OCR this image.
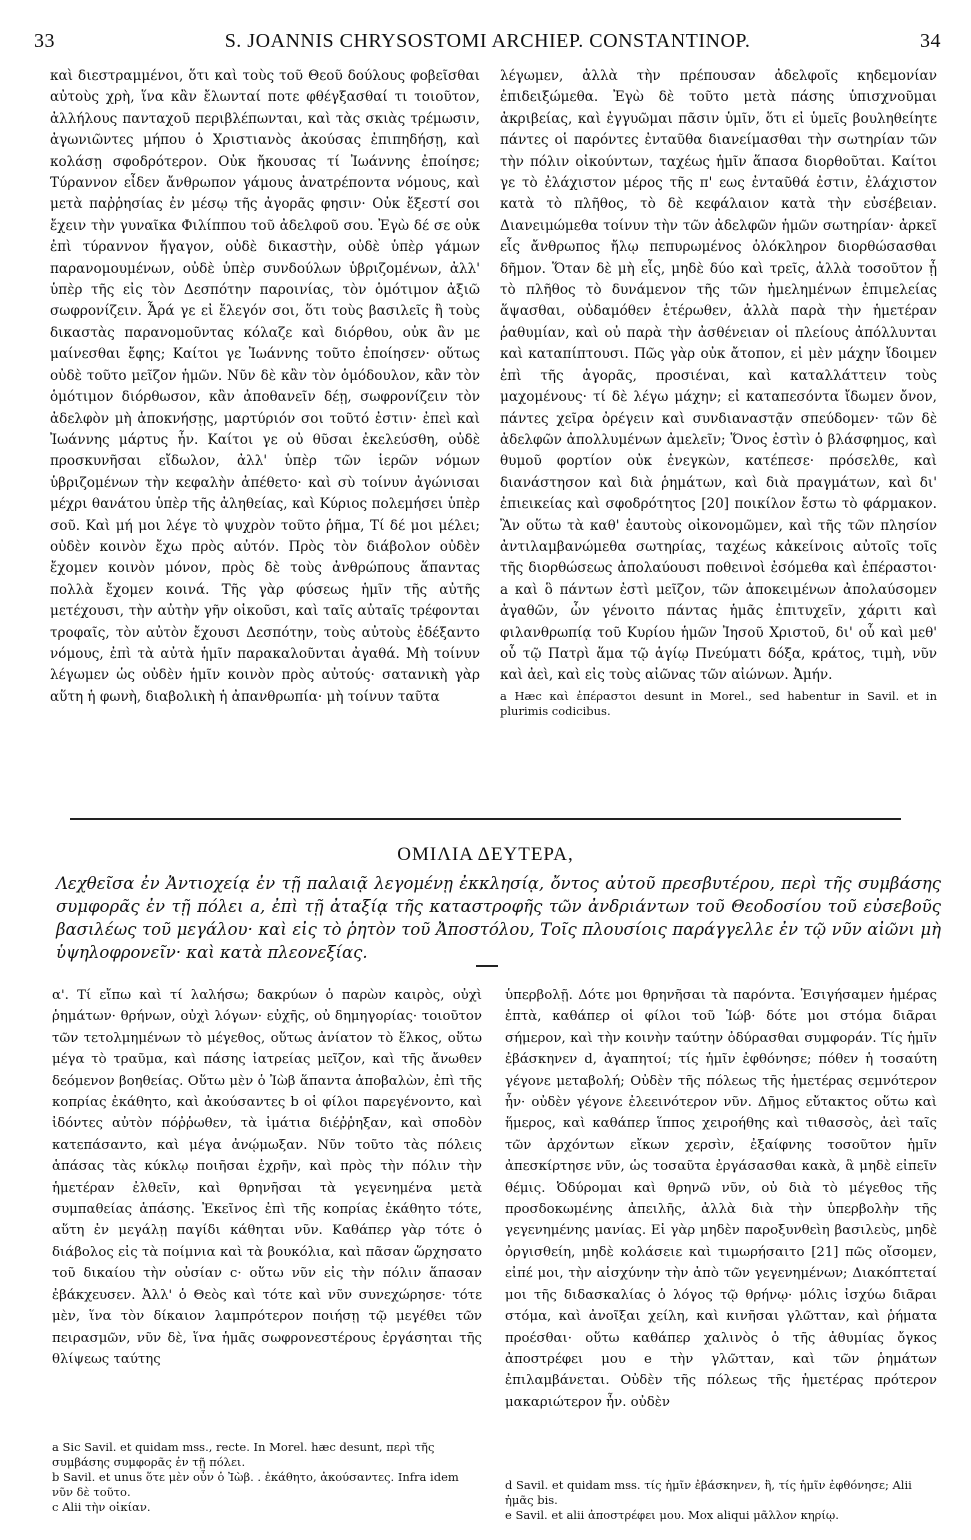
33	S. JOANNIS CHRYSOSTOMI ARCHIEP. CONSTANTINOP.	34

καὶ διεστραμμένοι, ὅτι καὶ τοὺς τοῦ Θεοῦ δούλους φοβεῖσθαι αὐτοὺς χρὴ, ἵνα κἂν ἔλωνταί ποτε φθέγξασθαί τι τοιοῦτον, ἀλλήλους πανταχοῦ περιβλέπωνται, καὶ τὰς σκιὰς τρέμωσιν, ἀγωνιῶντες μήπου ὁ Χριστιανὸς ἀκούσας ἐπιπηδήσῃ, καὶ κολάσῃ σφοδρότερον. Οὐκ ἤκουσας τί Ἰωάννης ἐποίησε; Τύραννον εἶδεν ἄνθρωπον γάμους ἀνατρέποντα νόμους, καὶ μετὰ παῤῥησίας ἐν μέσῳ τῆς ἀγορᾶς φησιν· Οὐκ ἔξεστί σοι ἔχειν τὴν γυναῖκα Φιλίππου τοῦ ἀδελφοῦ σου. Ἐγὼ δέ σε οὐκ ἐπὶ τύραννον ἤγαγον, οὐδὲ δικαστὴν, οὐδὲ ὑπὲρ γάμων παρανομουμένων, οὐδὲ ὑπὲρ συνδούλων ὑβριζομένων, ἀλλ' ὑπὲρ τῆς εἰς τὸν Δεσπότην παροινίας, τὸν ὁμότιμον ἀξιῶ σωφρονίζειν. Ἆρά γε εἰ ἔλεγόν σοι, ὅτι τοὺς βασιλεῖς ἢ τοὺς δικαστὰς παρανομοῦντας κόλαζε καὶ διόρθου, οὐκ ἂν με μαίνεσθαι ἔφης; Καίτοι γε Ἰωάννης τοῦτο ἐποίησεν· οὕτως οὐδὲ τοῦτο μεῖζον ἡμῶν. Νῦν δὲ κἂν τὸν ὁμόδουλον, κἂν τὸν ὁμότιμον διόρθωσον, κἂν ἀποθανεῖν δέῃ, σωφρονίζειν τὸν ἀδελφὸν μὴ ἀποκνήσῃς, μαρτύριόν σοι τοῦτό ἐστιν· ἐπεὶ καὶ Ἰωάννης μάρτυς ἦν. Καίτοι γε οὐ θῦσαι ἐκελεύσθη, οὐδὲ προσκυνῆσαι εἴδωλον, ἀλλ' ὑπὲρ τῶν ἱερῶν νόμων ὑβριζομένων τὴν κεφαλὴν ἀπέθετο· καὶ σὺ τοίνυν ἀγώνισαι μέχρι θανάτου ὑπὲρ τῆς ἀληθείας, καὶ Κύριος πολεμήσει ὑπὲρ σοῦ. Καὶ μή μοι λέγε τὸ ψυχρὸν τοῦτο ῥῆμα, Τί δέ μοι μέλει; οὐδὲν κοινὸν ἔχω πρὸς αὐτόν. Πρὸς τὸν διάβολον οὐδὲν ἔχομεν κοινὸν μόνον, πρὸς δὲ τοὺς ἀνθρώπους ἅπαντας πολλὰ ἔχομεν κοινά. Τῆς γὰρ φύσεως ἡμῖν τῆς αὐτῆς μετέχουσι, τὴν αὐτὴν γῆν οἰκοῦσι, καὶ ταῖς αὐταῖς τρέφονται τροφαῖς, τὸν αὐτὸν ἔχουσι Δεσπότην, τοὺς αὐτοὺς ἐδέξαντο νόμους, ἐπὶ τὰ αὐτὰ ἡμῖν παρακαλοῦνται ἀγαθά. Μὴ τοίνυν λέγωμεν ὡς οὐδὲν ἡμῖν κοινὸν πρὸς αὐτούς· σατανικὴ γὰρ αὕτη ἡ φωνὴ, διαβολικὴ ἡ ἀπανθρωπία· μὴ τοίνυν ταῦτα

λέγωμεν, ἀλλὰ τὴν πρέπουσαν ἀδελφοῖς κηδεμονίαν ἐπιδειξώμεθα. Ἐγὼ δὲ τοῦτο μετὰ πάσης ὑπισχνοῦμαι ἀκριβείας, καὶ ἐγγυῶμαι πᾶσιν ὑμῖν, ὅτι εἰ ὑμεῖς βουληθείητε πάντες οἱ παρόντες ἐνταῦθα διανείμασθαι τὴν σωτηρίαν τῶν τὴν πόλιν οἰκούντων, ταχέως ἡμῖν ἅπασα διορθοῦται. Καίτοι γε τὸ ἐλάχιστον μέρος τῆς π' εως ἐνταῦθά ἐστιν, ἐλάχιστον κατὰ τὸ πλῆθος, τὸ δὲ κεφάλαιον κατὰ τὴν εὐσέβειαν. Διανειμώμεθα τοίνυν τὴν τῶν ἀδελφῶν ἡμῶν σωτηρίαν· ἀρκεῖ εἷς ἄνθρωπος ἤλῳ πεπυρωμένος ὁλόκληρον διορθώσασθαι δῆμον. Ὅταν δὲ μὴ εἷς, μηδὲ δύο καὶ τρεῖς, ἀλλὰ τοσοῦτον ᾖ τὸ πλῆθος τὸ δυνάμενον τῆς τῶν ἠμελημένων ἐπιμελείας ἅψασθαι, οὐδαμόθεν ἑτέρωθεν, ἀλλὰ παρὰ τὴν ἡμετέραν ῥαθυμίαν, καὶ οὐ παρὰ τὴν ἀσθένειαν οἱ πλείους ἀπόλλυνται καὶ καταπίπτουσι. Πῶς γὰρ οὐκ ἄτοπον, εἰ μὲν μάχην ἴδοιμεν ἐπὶ τῆς ἀγορᾶς, προσιέναι, καὶ καταλλάττειν τοὺς μαχομένους· τί δὲ λέγω μάχην; εἰ καταπεσόντα ἴδωμεν ὄνον, πάντες χεῖρα ὀρέγειν καὶ συνδιαναστᾷν σπεύδομεν· τῶν δὲ ἀδελφῶν ἀπολλυμένων ἀμελεῖν; Ὅνος ἐστὶν ὁ βλάσφημος, καὶ θυμοῦ φορτίον οὐκ ἐνεγκὼν, κατέπεσε· πρόσελθε, καὶ διανάστησον καὶ διὰ ῥημάτων, καὶ διὰ πραγμάτων, καὶ δι' ἐπιεικείας καὶ σφοδρότητος [20] ποικίλον ἔστω τὸ φάρμακον. Ἂν οὕτω τὰ καθ' ἑαυτοὺς οἰκονομῶμεν, καὶ τῆς τῶν πλησίον ἀντιλαμβανώμεθα σωτηρίας, ταχέως κἀκείνοις αὐτοῖς τοῖς τῆς διορθώσεως ἀπολαύουσι ποθεινοὶ ἐσόμεθα καὶ ἐπέραστοι· a καὶ ὃ πάντων ἐστὶ μεῖζον, τῶν ἀποκειμένων ἀπολαύσομεν ἀγαθῶν, ὧν γένοιτο πάντας ἡμᾶς ἐπιτυχεῖν, χάριτι καὶ φιλανθρωπίᾳ τοῦ Κυρίου ἡμῶν Ἰησοῦ Χριστοῦ, δι' οὗ καὶ μεθ' οὗ τῷ Πατρὶ ἅμα τῷ ἁγίῳ Πνεύματι δόξα, κράτος, τιμὴ, νῦν καὶ ἀεὶ, καὶ εἰς τοὺς αἰῶνας τῶν αἰώνων. Ἀμήν.

a Hæc καὶ ἐπέραστοι desunt in Morel., sed habentur in Savil. et in plurimis codicibus.

ΟΜΙΛΙΑ ΔΕΥΤΕΡΑ,
Λεχθεῖσα ἐν Ἀντιοχείᾳ ἐν τῇ παλαιᾷ λεγομένῃ ἐκκλησίᾳ, ὄντος αὐτοῦ πρεσβυτέρου, περὶ τῆς συμβάσης συμφορᾶς ἐν τῇ πόλει a, ἐπὶ τῇ ἀταξίᾳ τῆς καταστροφῆς τῶν ἀνδριάντων τοῦ Θεοδοσίου τοῦ εὐσεβοῦς βασιλέως τοῦ μεγάλου· καὶ εἰς τὸ ῥητὸν τοῦ Ἀποστόλου, Τοῖς πλουσίοις παράγγελλε ἐν τῷ νῦν αἰῶνι μὴ ὑψηλοφρονεῖν· καὶ κατὰ πλεονεξίας.

α'. Τί εἴπω καὶ τί λαλήσω; δακρύων ὁ παρὼν καιρὸς, οὐχὶ ῥημάτων· θρήνων, οὐχὶ λόγων· εὐχῆς, οὐ δημηγορίας· τοιοῦτον τῶν τετολμημένων τὸ μέγεθος, οὕτως ἀνίατον τὸ ἕλκος, οὕτω μέγα τὸ τραῦμα, καὶ πάσης ἰατρείας μεῖζον, καὶ τῆς ἄνωθεν δεόμενον βοηθείας. Οὕτω μὲν ὁ Ἰὼβ ἅπαντα ἀποβαλὼν, ἐπὶ τῆς κοπρίας ἐκάθητο, καὶ ἀκούσαντες b οἱ φίλοι παρεγένοντο, καὶ ἰδόντες αὐτὸν πόῤῥωθεν, τὰ ἱμάτια διέῤῥηξαν, καὶ σποδὸν κατεπάσαντο, καὶ μέγα ἀνῴμωξαν. Νῦν τοῦτο τὰς πόλεις ἁπάσας τὰς κύκλῳ ποιῆσαι ἐχρῆν, καὶ πρὸς τὴν πόλιν τὴν ἡμετέραν ἐλθεῖν, καὶ θρηνῆσαι τὰ γεγενημένα μετὰ συμπαθείας ἁπάσης. Ἐκεῖνος ἐπὶ τῆς κοπρίας ἐκάθητο τότε, αὕτη ἐν μεγάλῃ παγίδι κάθηται νῦν. Καθάπερ γὰρ τότε ὁ διάβολος εἰς τὰ ποίμνια καὶ τὰ βουκόλια, καὶ πᾶσαν ὥρχησατο τοῦ δικαίου τὴν οὐσίαν c· οὕτω νῦν εἰς τὴν πόλιν ἅπασαν ἐβάκχευσεν. Ἀλλ' ὁ Θεὸς καὶ τότε καὶ νῦν συνεχώρησε· τότε μὲν, ἵνα τὸν δίκαιον λαμπρότερον ποιήσῃ τῷ μεγέθει τῶν πειρασμῶν, νῦν δὲ, ἵνα ἡμᾶς σωφρονεστέρους ἐργάσηται τῆς θλίψεως ταύτης

ὑπερβολῇ. Δότε μοι θρηνῆσαι τὰ παρόντα. Ἐσιγήσαμεν ἡμέρας ἑπτὰ, καθάπερ οἱ φίλοι τοῦ Ἰώβ· δότε μοι στόμα διᾶραι σήμερον, καὶ τὴν κοινὴν ταύτην ὀδύρασθαι συμφοράν. Τίς ἡμῖν ἐβάσκηνεν d, ἀγαπητοί; τίς ἡμῖν ἐφθόνησε; πόθεν ἡ τοσαύτη γέγονε μεταβολή; Οὐδὲν τῆς πόλεως τῆς ἡμετέρας σεμνότερον ἦν· οὐδὲν γέγονε ἐλεεινότερον νῦν. Δῆμος εὔτακτος οὕτω καὶ ἥμερος, καὶ καθάπερ ἵππος χειροήθης καὶ τιθασσὸς, ἀεὶ ταῖς τῶν ἀρχόντων εἴκων χερσὶν, ἐξαίφνης τοσοῦτον ἡμῖν ἀπεσκίρτησε νῦν, ὡς τοσαῦτα ἐργάσασθαι κακὰ, ἃ μηδὲ εἰπεῖν θέμις. Ὀδύρομαι καὶ θρηνῶ νῦν, οὐ διὰ τὸ μέγεθος τῆς προσδοκωμένης ἀπειλῆς, ἀλλὰ διὰ τὴν ὑπερβολὴν τῆς γεγενημένης μανίας. Εἰ γὰρ μηδὲν παροξυνθεὶη βασιλεὺς, μηδὲ ὀργισθείη, μηδὲ κολάσειε καὶ τιμωρήσαιτο [21] πῶς οἴσομεν, εἰπέ μοι, τὴν αἰσχύνην τὴν ἀπὸ τῶν γεγενημένων; Διακόπτεταί μοι τῆς διδασκαλίας ὁ λόγος τῷ θρήνῳ· μόλις ἰσχύω διᾶραι στόμα, καὶ ἀνοῖξαι χείλη, καὶ κινῆσαι γλῶτταν, καὶ ῥήματα προέσθαι· οὕτω καθάπερ χαλινὸς ὁ τῆς ἀθυμίας ὄγκος ἀποστρέφει μου e τὴν γλῶτταν, καὶ τῶν ῥημάτων ἐπιλαμβάνεται. Οὐδὲν τῆς πόλεως τῆς ἡμετέρας πρότερον μακαριώτερον ἦν. οὐδὲν

a Sic Savil. et quidam mss., recte. In Morel. hæc desunt, περὶ τῆς συμβάσης συμφορᾶς ἐν τῇ πόλει.

b Savil. et unus ὅτε μὲν οὖν ὁ Ἰὼβ. . ἐκάθητο, ἀκούσαντες. Infra idem νῦν δὲ τοῦτο.

c Alii τὴν οἰκίαν.

d Savil. et quidam mss. τίς ἡμῖν ἐβάσκηνεν, ἢ, τίς ἡμῖν ἐφθόνησε; Alii ἡμᾶς bis.

e Savil. et alii ἀποστρέφει μου. Mox aliqui μᾶλλον κηρίῳ.
